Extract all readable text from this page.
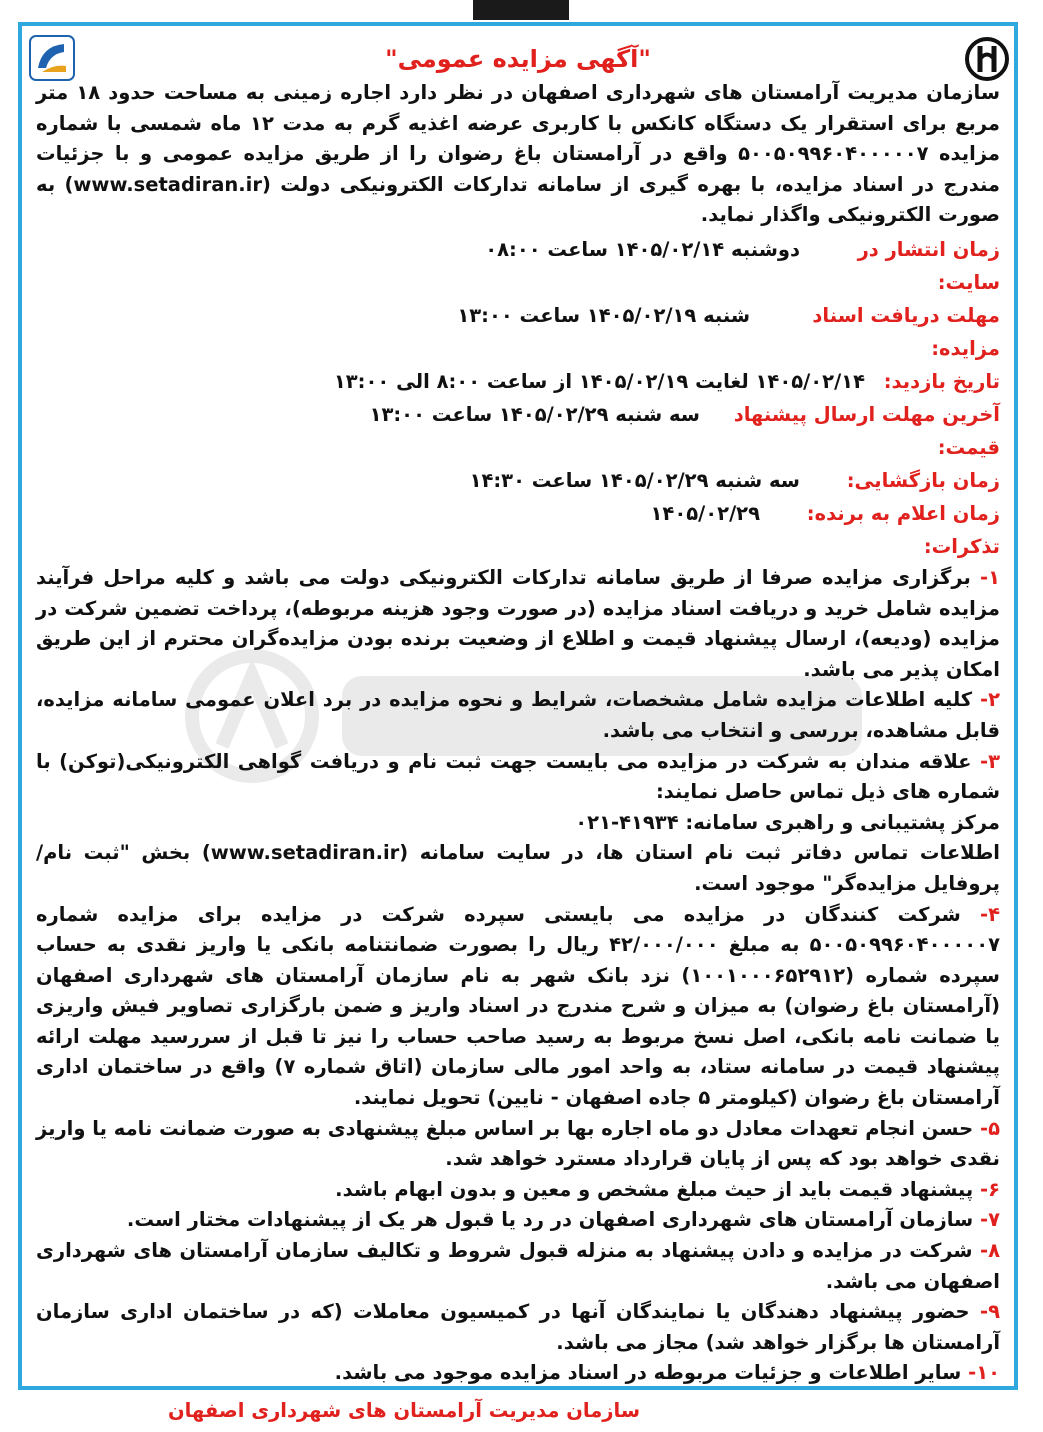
"آگهی مزایده عمومی"

سازمان مدیریت آرامستان های شهرداری اصفهان در نظر دارد اجاره زمینی به مساحت حدود ۱۸ متر مربع برای استقرار یک دستگاه کانکس با کاربری عرضه اغذیه گرم به مدت ۱۲ ماه شمسی با شماره مزایده ۵۰۰۵۰۹۹۶۰۴۰۰۰۰۰۷ واقع در آرامستان باغ رضوان را از طریق مزایده عمومی و با جزئیات مندرج در اسناد مزایده، با بهره گیری از سامانه تدارکات الکترونیکی دولت (www.setadiran.ir) به صورت الکترونیکی واگذار نماید.

زمان انتشار در سایت:
دوشنبه ۱۴۰۵/۰۲/۱۴ ساعت ۰۸:۰۰
مهلت دریافت اسناد مزایده:
شنبه ۱۴۰۵/۰۲/۱۹ ساعت ۱۳:۰۰
تاریخ بازدید:
۱۴۰۵/۰۲/۱۴ لغایت ۱۴۰۵/۰۲/۱۹ از ساعت ۸:۰۰ الی ۱۳:۰۰
آخرین مهلت ارسال پیشنهاد قیمت:
سه شنبه ۱۴۰۵/۰۲/۲۹ ساعت ۱۳:۰۰
زمان بازگشایی:
سه شنبه ۱۴۰۵/۰۲/۲۹ ساعت ۱۴:۳۰
زمان اعلام به برنده:
۱۴۰۵/۰۲/۲۹
تذکرات:

۱- برگزاری مزایده صرفا از طریق سامانه تدارکات الکترونیکی دولت می باشد و کلیه مراحل فرآیند مزایده شامل خرید و دریافت اسناد مزایده (در صورت وجود هزینه مربوطه)، پرداخت تضمین شرکت در مزایده (ودیعه)، ارسال پیشنهاد قیمت و اطلاع از وضعیت برنده بودن مزایده‌گران محترم از این طریق امکان پذیر می باشد.

۲- کلیه اطلاعات مزایده شامل مشخصات، شرایط و نحوه مزایده در برد اعلان عمومی سامانه مزایده، قابل مشاهده، بررسی و انتخاب می باشد.

۳- علاقه مندان به شرکت در مزایده می بایست جهت ثبت نام و دریافت گواهی الکترونیکی(توکن) با شماره های ذیل تماس حاصل نمایند:

مرکز پشتیبانی و راهبری سامانه: ۴۱۹۳۴-۰۲۱

اطلاعات تماس دفاتر ثبت نام استان ها، در سایت سامانه (www.setadiran.ir) بخش "ثبت نام/پروفایل مزایده‌گر" موجود است.

۴- شرکت کنندگان در مزایده می بایستی سپرده شرکت در مزایده برای مزایده شماره ۵۰۰۵۰۹۹۶۰۴۰۰۰۰۰۷ به مبلغ ۴۲/۰۰۰/۰۰۰ ریال را بصورت ضمانتنامه بانکی یا واریز نقدی به حساب سپرده شماره (۱۰۰۱۰۰۰۶۵۲۹۱۲) نزد بانک شهر به نام سازمان آرامستان های شهرداری اصفهان (آرامستان باغ رضوان) به میزان و شرح مندرج در اسناد واریز و ضمن بارگزاری تصاویر فیش واریزی یا ضمانت نامه بانکی، اصل نسخ مربوط به رسید صاحب حساب را نیز تا قبل از سررسید مهلت ارائه پیشنهاد قیمت در سامانه ستاد، به واحد امور مالی سازمان (اتاق شماره ۷) واقع در ساختمان اداری آرامستان باغ رضوان (کیلومتر ۵ جاده اصفهان - نایین) تحویل نمایند.

۵- حسن انجام تعهدات معادل دو ماه اجاره بها بر اساس مبلغ پیشنهادی به صورت ضمانت نامه یا واریز نقدی خواهد بود که پس از پایان قرارداد مسترد خواهد شد.

۶- پیشنهاد قیمت باید از حیث مبلغ مشخص و معین و بدون ابهام باشد.

۷- سازمان آرامستان های شهرداری اصفهان در رد یا قبول هر یک از پیشنهادات مختار است.

۸- شرکت در مزایده و دادن پیشنهاد به منزله قبول شروط و تکالیف سازمان آرامستان های شهرداری اصفهان می باشد.

۹- حضور پیشنهاد دهندگان یا نمایندگان آنها در کمیسیون معاملات (که در ساختمان اداری سازمان آرامستان ها برگزار خواهد شد) مجاز می باشد.

۱۰- سایر اطلاعات و جزئیات مربوطه در اسناد مزایده موجود می باشد.

سازمان مدیریت آرامستان های شهرداری اصفهان
